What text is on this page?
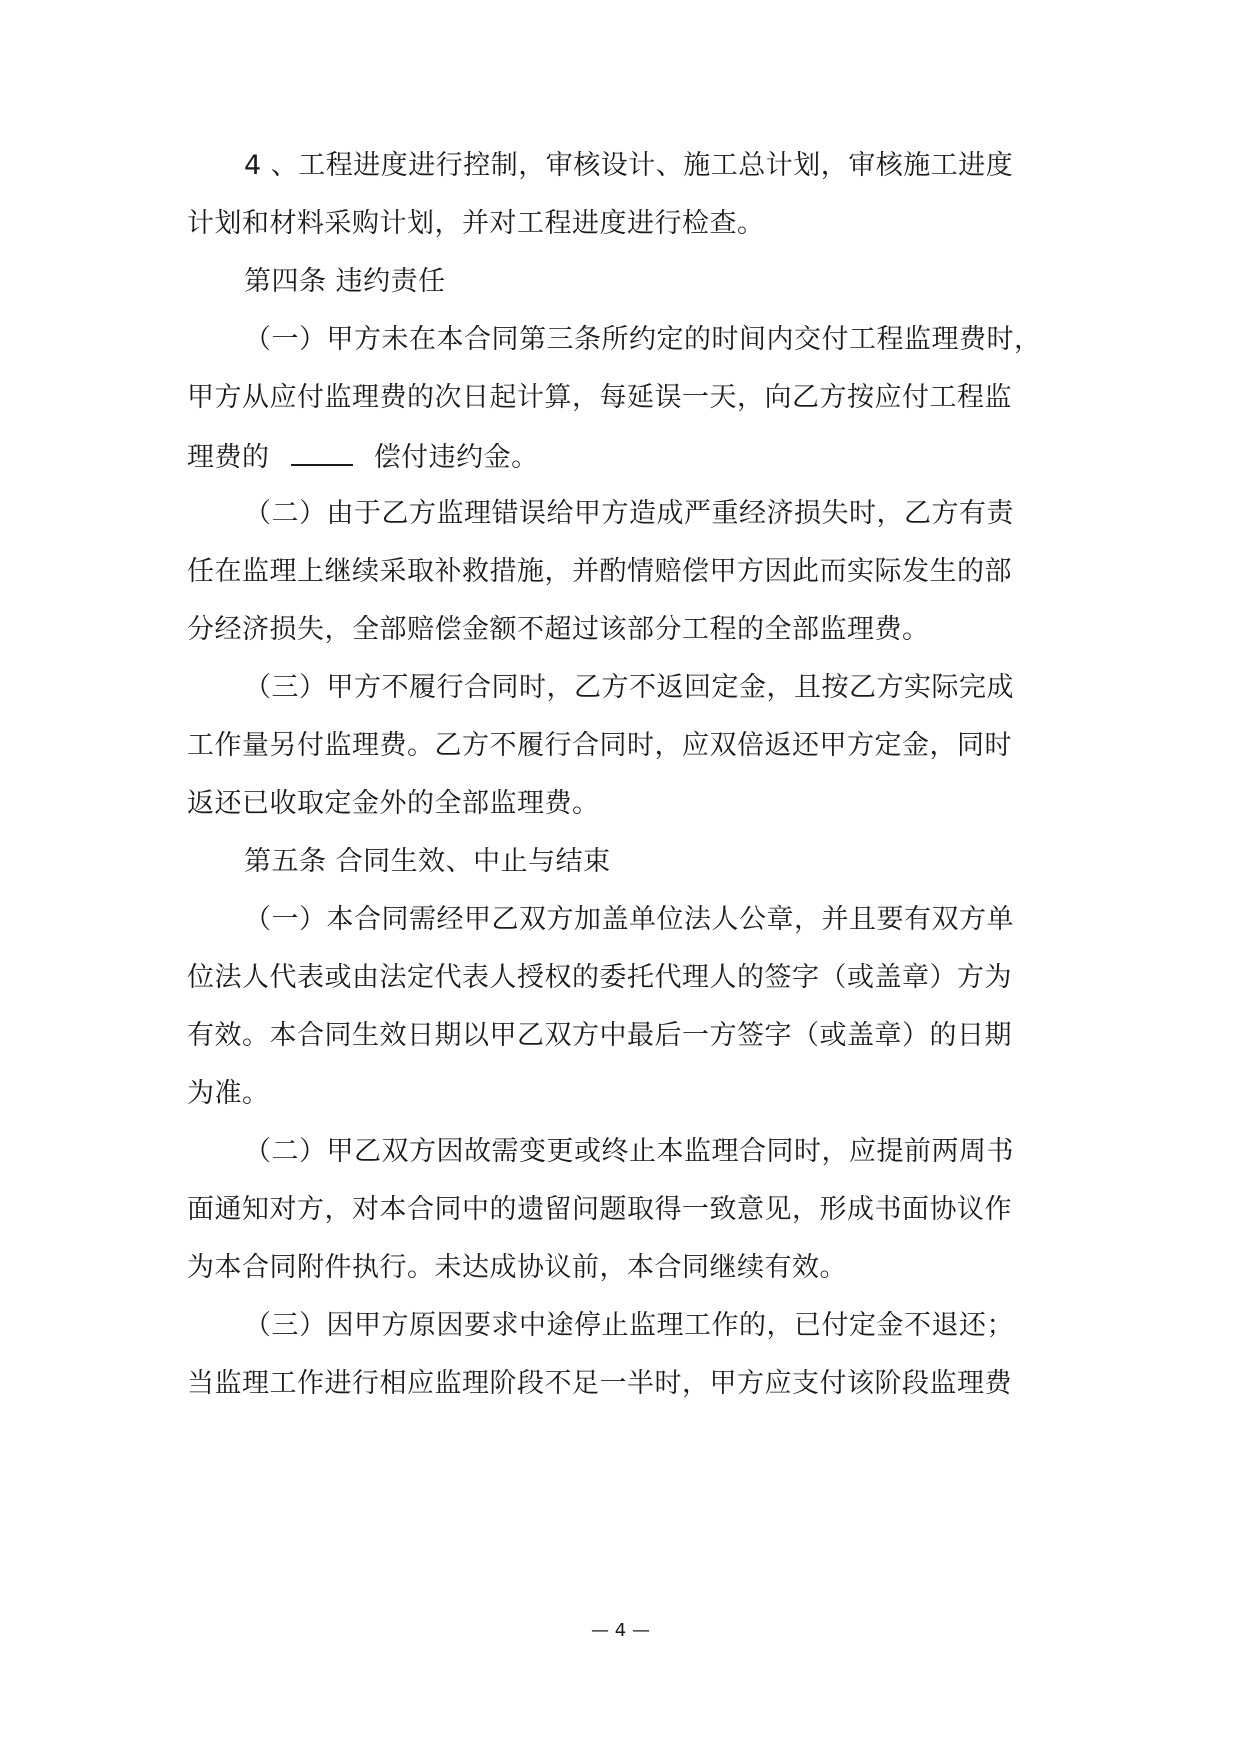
4 、工程进度进行控制，审核设计、施工总计划，审核施工进度
计划和材料采购计划，并对工程进度进行检查。
第四条 违约责任
（一）甲方未在本合同第三条所约定的时间内交付工程监理费时，
甲方从应付监理费的次日起计算，每延误一天，向乙方按应付工程监
理费的	偿付违约金。
（二）由于乙方监理错误给甲方造成严重经济损失时，乙方有责
任在监理上继续采取补救措施，并酌情赔偿甲方因此而实际发生的部
分经济损失，全部赔偿金额不超过该部分工程的全部监理费。
（三）甲方不履行合同时，乙方不返回定金，且按乙方实际完成
工作量另付监理费。乙方不履行合同时，应双倍返还甲方定金，同时
返还已收取定金外的全部监理费。
第五条 合同生效、中止与结束
（一）本合同需经甲乙双方加盖单位法人公章，并且要有双方单
位法人代表或由法定代表人授权的委托代理人的签字（或盖章）方为
有效。本合同生效日期以甲乙双方中最后一方签字（或盖章）的日期
为准。
（二）甲乙双方因故需变更或终止本监理合同时，应提前两周书
面通知对方，对本合同中的遗留问题取得一致意见，形成书面协议作
为本合同附件执行。未达成协议前，本合同继续有效。
（三）因甲方原因要求中途停止监理工作的，已付定金不退还；
当监理工作进行相应监理阶段不足一半时，甲方应支付该阶段监理费
— 4 —
